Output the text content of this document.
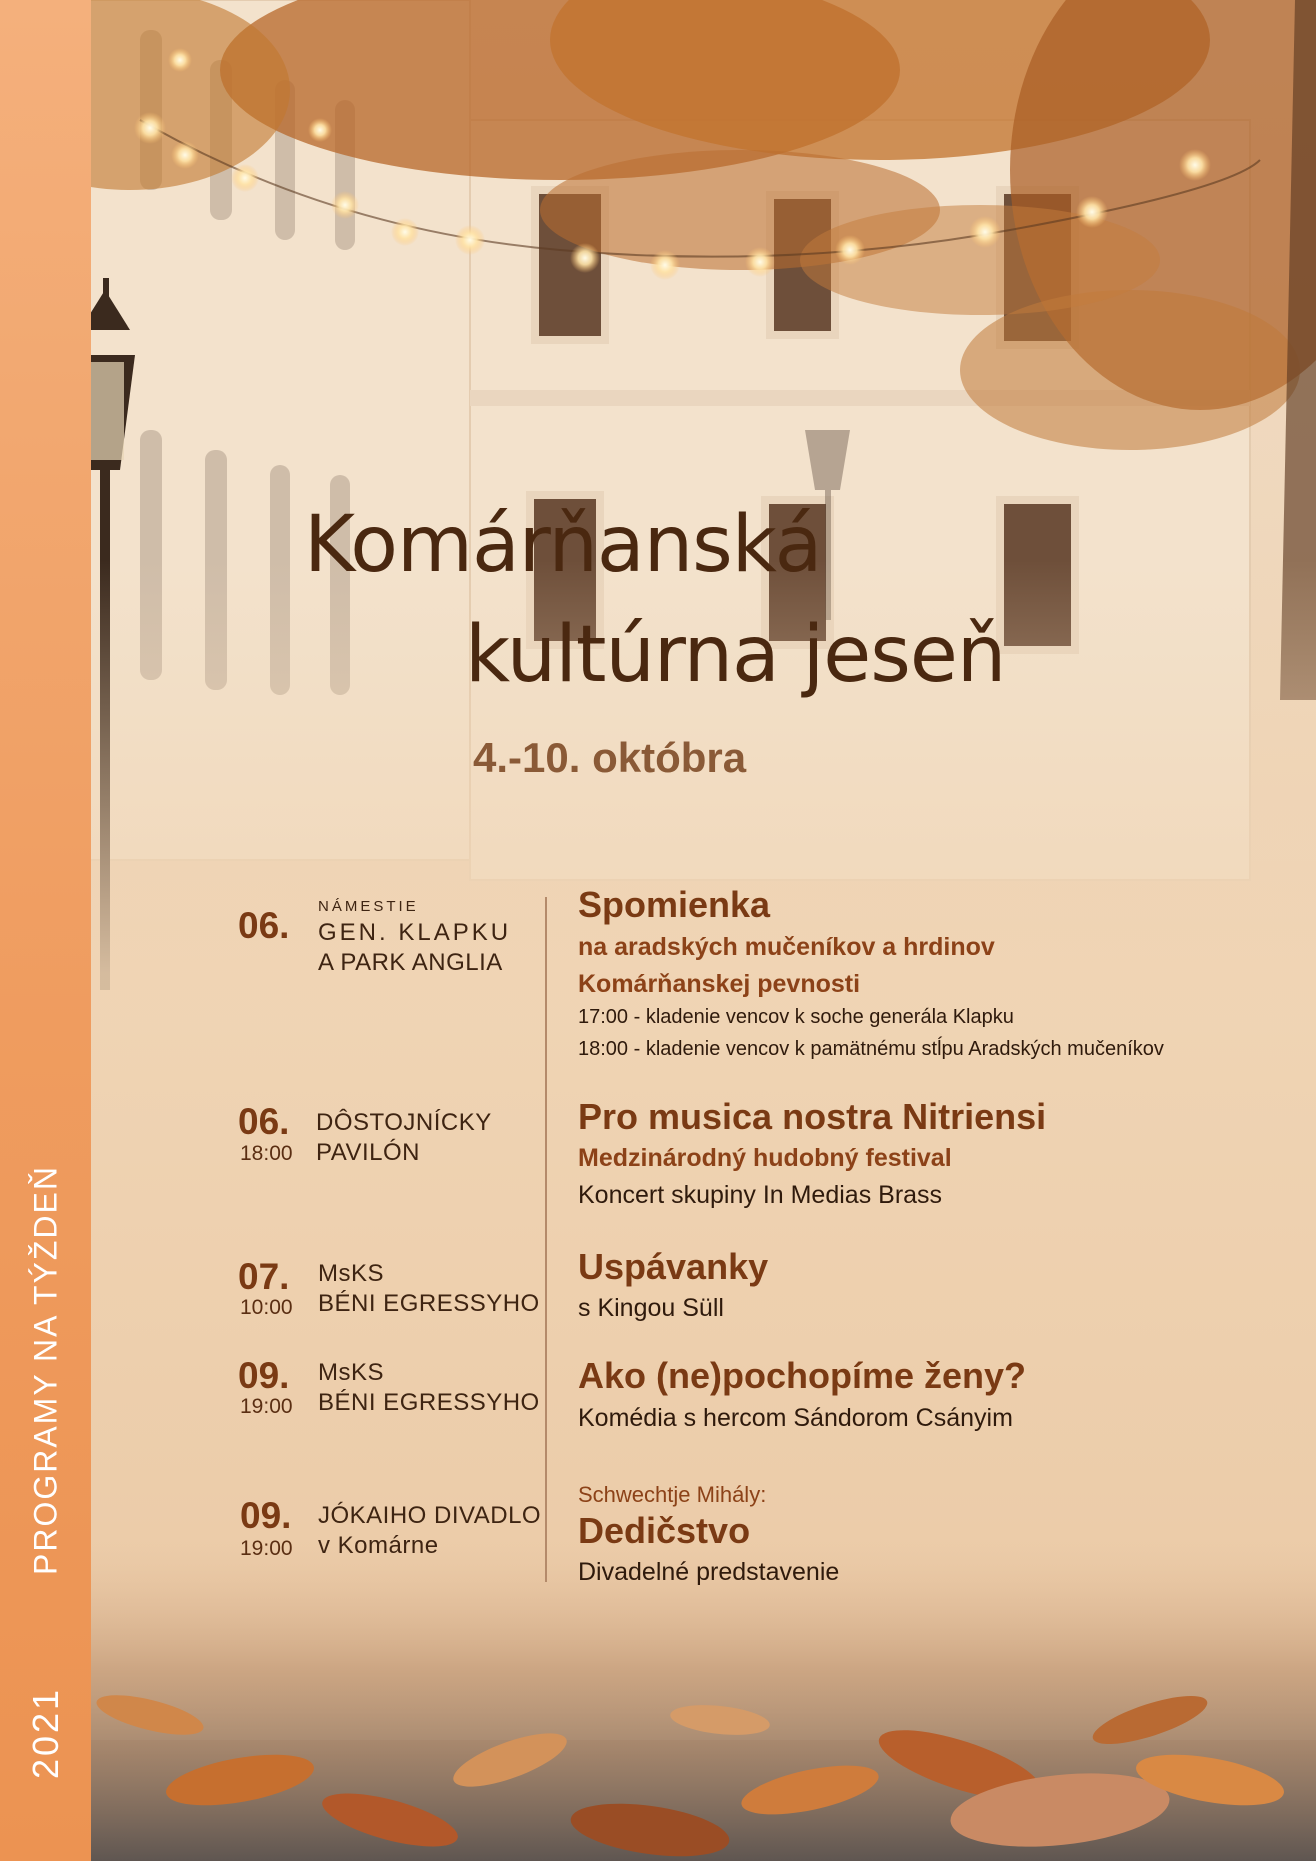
PROGRAMY NA TÝŽDEŇ
2021
Komárňanská
kultúrna jeseň
4.-10. októbra
06. NÁMESTIE
GEN. KLAPKU
A PARK ANGLIA
Spomienka
na aradských mučeníkov a hrdinov
Komárňanskej pevnosti
17:00 - kladenie vencov k soche generála Klapku
18:00 - kladenie vencov k pamätnému stĺpu Aradských mučeníkov
06.
18:00
DÔSTOJNÍCKY
PAVILÓN
Pro musica nostra Nitriensi
Medzinárodný hudobný festival
Koncert skupiny In Medias Brass
07.
10:00
MsKS
BÉNI EGRESSYHO
Uspávanky
s Kingou Süll
09.
19:00
MsKS
BÉNI EGRESSYHO
Ako (ne)pochopíme ženy?
Komédia s hercom Sándorom Csányim
09.
19:00
JÓKAIHO DIVADLO
v Komárne
Schwechtje Mihály:
Dedičstvo
Divadelné predstavenie
